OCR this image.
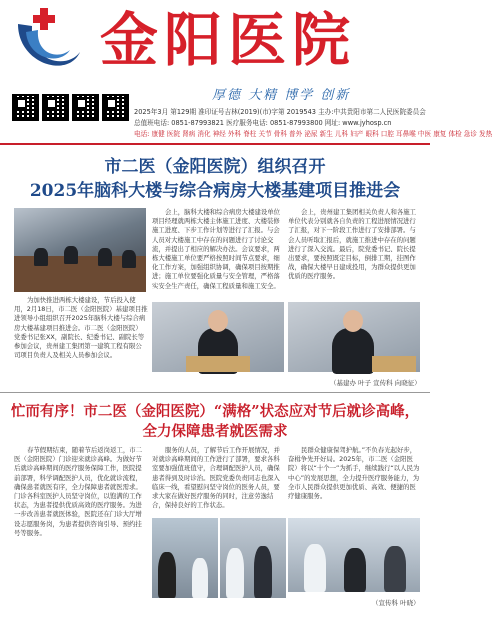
金阳医院
厚德 大精 博学 创新
2025年3月 第129期 准印证号吉林(2019)(市)字第 2019543 主办:中共贵阳市第二人民医院委员会
总值班电话: 0851-87993821 医疗服务电话: 0851-87993800 网址: www.jyhosp.cn
电话: 康健 医院 肾病 消化 神经 外科 脊柱 关节 骨科 普外 泌尿 新生 儿科 妇产 眼科 口腔 耳鼻喉 中医 康复 体检 急诊 发热
市二医（金阳医院）组织召开
2025年脑科大楼与综合病房大楼基建项目推进会
为加快推进两栋大楼建设，节后投入使用，2月18日，市二医（金阳医院）基建项目推进领导小组组织召开2025年脑科大楼与综合病房大楼基建项目推进会。市二医（金阳医院）党委书记张XX，副院长、纪委书记、副院长等参加会议，贵州建工集团第一建筑工程有限公司项目负责人及相关人员参加会议。
会上，脑科大楼和综合病房大楼建设单位项目经理就两栋大楼主体施工进度、大楼装修施工进度、下步工作计划等进行了汇报。与会人员对大楼施工中存在的问题进行了讨论交流，并提出了相应的解决办法。会议要求，两栋大楼施工单位要严格按照时间节点要求，细化工作方案，加强组织协调，确保项目按期推进；施工单位要强化质量与安全管理，严格落实安全生产责任，确保工程质量和施工安全。
会上，贵州建工集团相关负责人和各施工单位代表分别就各自负责的工程进展情况进行了汇报，对下一阶段工作进行了安排部署。与会人员听取汇报后，就施工推进中存在的问题进行了深入交流。最后，院党委书记、院长提出要求，要按照既定目标，倒排工期，挂图作战，确保大楼早日建成投用，为群众提供更加优质的医疗服务。
（基建办 叶子 宣传科 向晓征）
忙而有序！市二医（金阳医院）“满格”状态应对节后就诊高峰，
全力保障患者就医需求
春节假期结束，随着节后返岗返工，市二医（金阳医院）门诊迎来就诊高峰。为做好节后就诊高峰期间的医疗服务保障工作，医院提前部署，科学调配医护人员，优化就诊流程，确保患者就医有序，全力保障患者就医需求。门诊各科室医护人员坚守岗位，以饱满的工作状态，为患者提供优质高效的医疗服务。为进一步改善患者就医体验，医院还在门诊大厅增设志愿服务岗，为患者提供咨询引导、预约挂号等服务。
服务的人员，了解节后工作开展情况，并对就诊高峰期间的工作进行了部署，要求各科室要加强值班值守，合理调配医护人员，确保患者得到及时诊治。医院党委负责同志也深入临床一线，看望慰问坚守岗位的医务人员，要求大家在做好医疗服务的同时，注意劳逸结合，保持良好的工作状态。
民群众健康保驾护航。”不负春光起好步，奋楫争先开好局。2025年，市二医（金阳医院）将以“十个一”为抓手，继续践行“以人民为中心”的发展思想，全力提升医疗服务能力，为全市人民群众提供更加优质、高效、便捷的医疗健康服务。
（宣传科 叶晓）
